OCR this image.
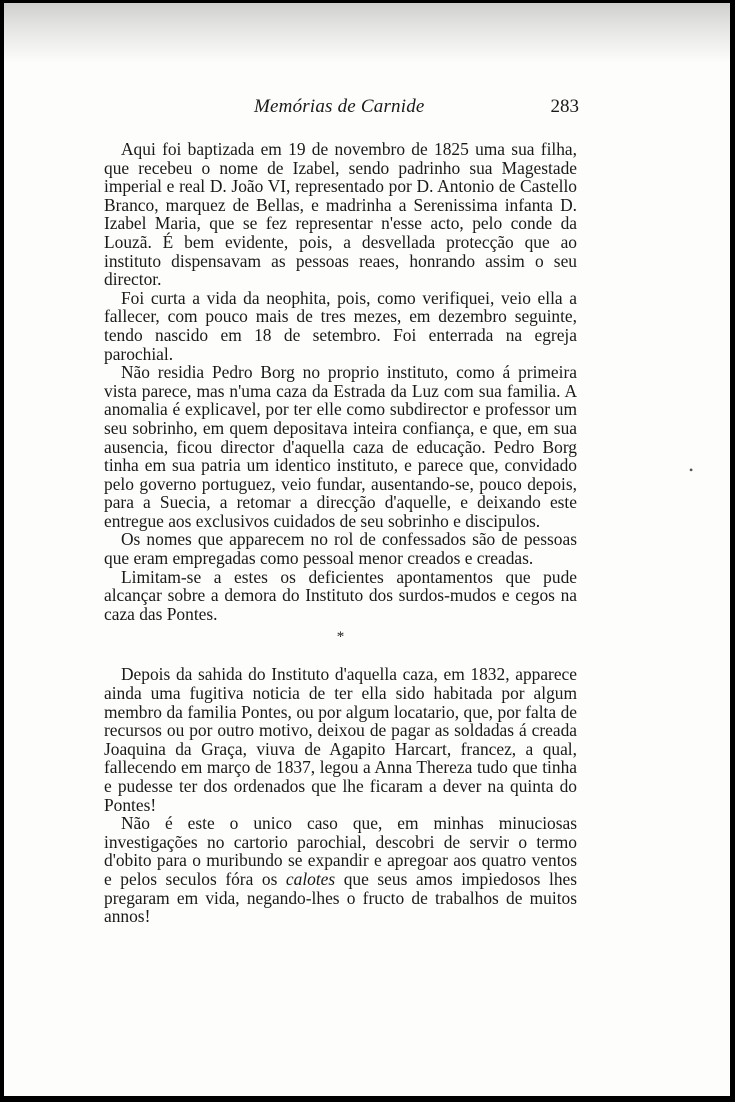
Memórias de Carnide	283

Aqui foi baptizada em 19 de novembro de 1825 uma sua filha, que recebeu o nome de Izabel, sendo padrinho sua Magestade imperial e real D. João VI, representado por D. Antonio de Castello Branco, marquez de Bellas, e madrinha a Serenissima infanta D. Izabel Maria, que se fez representar n'esse acto, pelo conde da Louzã. É bem evidente, pois, a desvellada protecção que ao instituto dispensavam as pessoas reaes, honrando assim o seu director.

Foi curta a vida da neophita, pois, como verifiquei, veio ella a fallecer, com pouco mais de tres mezes, em dezembro seguinte, tendo nascido em 18 de setembro. Foi enterrada na egreja parochial.

Não residia Pedro Borg no proprio instituto, como á primeira vista parece, mas n'uma caza da Estrada da Luz com sua familia. A anomalia é explicavel, por ter elle como subdirector e professor um seu sobrinho, em quem depositava inteira confiança, e que, em sua ausencia, ficou director d'aquella caza de educação. Pedro Borg tinha em sua patria um identico instituto, e parece que, convidado pelo governo portuguez, veio fundar, ausentando-se, pouco depois, para a Suecia, a retomar a direcção d'aquelle, e deixando este entregue aos exclusivos cuidados de seu sobrinho e discipulos.

Os nomes que apparecem no rol de confessados são de pessoas que eram empregadas como pessoal menor creados e creadas.

Limitam-se a estes os deficientes apontamentos que pude alcançar sobre a demora do Instituto dos surdos-mudos e cegos na caza das Pontes.

*

Depois da sahida do Instituto d'aquella caza, em 1832, apparece ainda uma fugitiva noticia de ter ella sido habitada por algum membro da familia Pontes, ou por algum locatario, que, por falta de recursos ou por outro motivo, deixou de pagar as soldadas á creada Joaquina da Graça, viuva de Agapito Harcart, francez, a qual, fallecendo em março de 1837, legou a Anna Thereza tudo que tinha e pudesse ter dos ordenados que lhe ficaram a dever na quinta do Pontes!

Não é este o unico caso que, em minhas minuciosas investigações no cartorio parochial, descobri de servir o termo d'obito para o muribundo se expandir e apregoar aos quatro ventos e pelos seculos fóra os calotes que seus amos impiedosos lhes pregaram em vida, negando-lhes o fructo de trabalhos de muitos annos!

•
